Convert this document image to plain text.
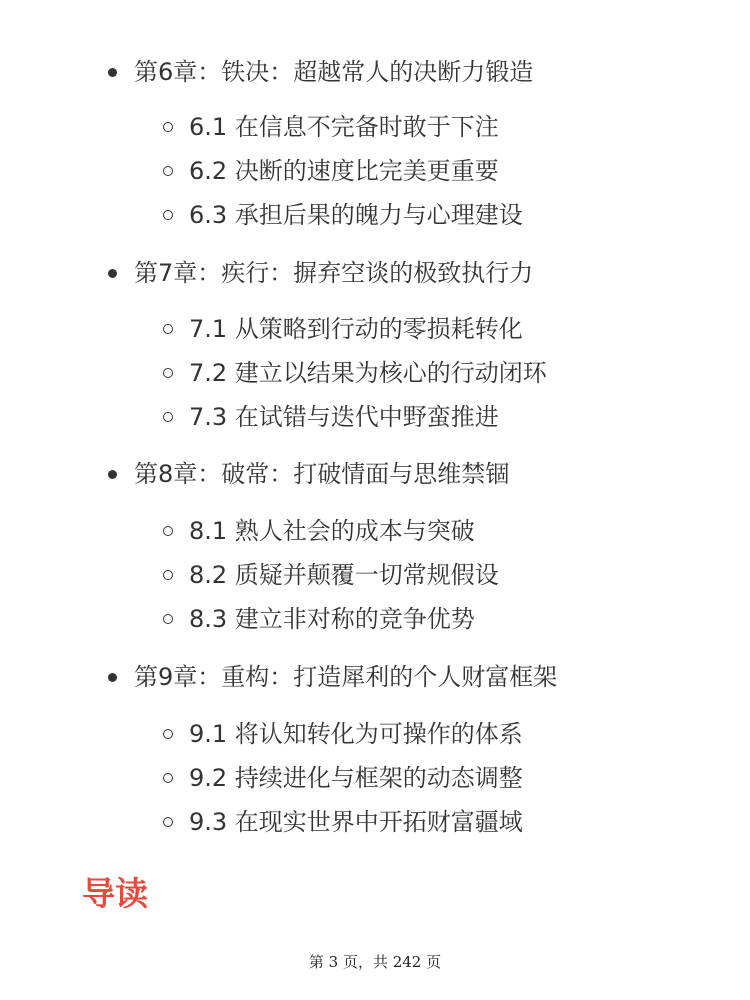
第6章：铁决：超越常人的决断力锻造
6.1 在信息不完备时敢于下注
6.2 决断的速度比完美更重要
6.3 承担后果的魄力与心理建设
第7章：疾行：摒弃空谈的极致执行力
7.1 从策略到行动的零损耗转化
7.2 建立以结果为核心的行动闭环
7.3 在试错与迭代中野蛮推进
第8章：破常：打破情面与思维禁锢
8.1 熟人社会的成本与突破
8.2 质疑并颠覆一切常规假设
8.3 建立非对称的竞争优势
第9章：重构：打造犀利的个人财富框架
9.1 将认知转化为可操作的体系
9.2 持续进化与框架的动态调整
9.3 在现实世界中开拓财富疆域
导读
第 3 页，共 242 页
